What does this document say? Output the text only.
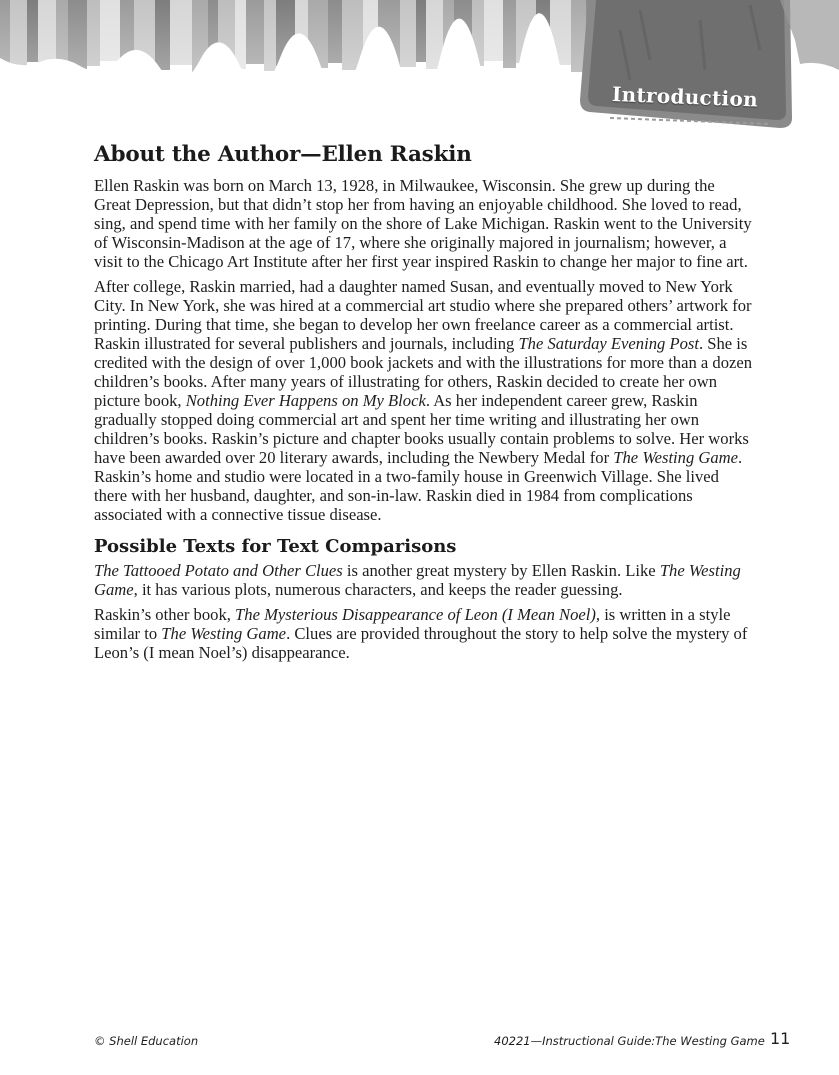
Introduction
About the Author—Ellen Raskin

Ellen Raskin was born on March 13, 1928, in Milwaukee, Wisconsin. She grew up during the Great Depression, but that didn’t stop her from having an enjoyable childhood. She loved to read, sing, and spend time with her family on the shore of Lake Michigan. Raskin went to the University of Wisconsin-Madison at the age of 17, where she originally majored in journalism; however, a visit to the Chicago Art Institute after her first year inspired Raskin to change her major to fine art.

After college, Raskin married, had a daughter named Susan, and eventually moved to New York City. In New York, she was hired at a commercial art studio where she prepared others’ artwork for printing. During that time, she began to develop her own freelance career as a commercial artist. Raskin illustrated for several publishers and journals, including The Saturday Evening Post. She is credited with the design of over 1,000 book jackets and with the illustrations for more than a dozen children’s books. After many years of illustrating for others, Raskin decided to create her own picture book, Nothing Ever Happens on My Block. As her independent career grew, Raskin gradually stopped doing commercial art and spent her time writing and illustrating her own children’s books. Raskin’s picture and chapter books usually contain problems to solve. Her works have been awarded over 20 literary awards, including the Newbery Medal for The Westing Game. Raskin’s home and studio were located in a two-family house in Greenwich Village. She lived there with her husband, daughter, and son-in-law. Raskin died in 1984 from complications associated with a connective tissue disease.

Possible Texts for Text Comparisons

The Tattooed Potato and Other Clues is another great mystery by Ellen Raskin. Like The Westing Game, it has various plots, numerous characters, and keeps the reader guessing.

Raskin’s other book, The Mysterious Disappearance of Leon (I Mean Noel), is written in a style similar to The Westing Game. Clues are provided throughout the story to help solve the mystery of Leon’s (I mean Noel’s) disappearance.

© Shell Education	40221—Instructional Guide:The Westing Game 11
